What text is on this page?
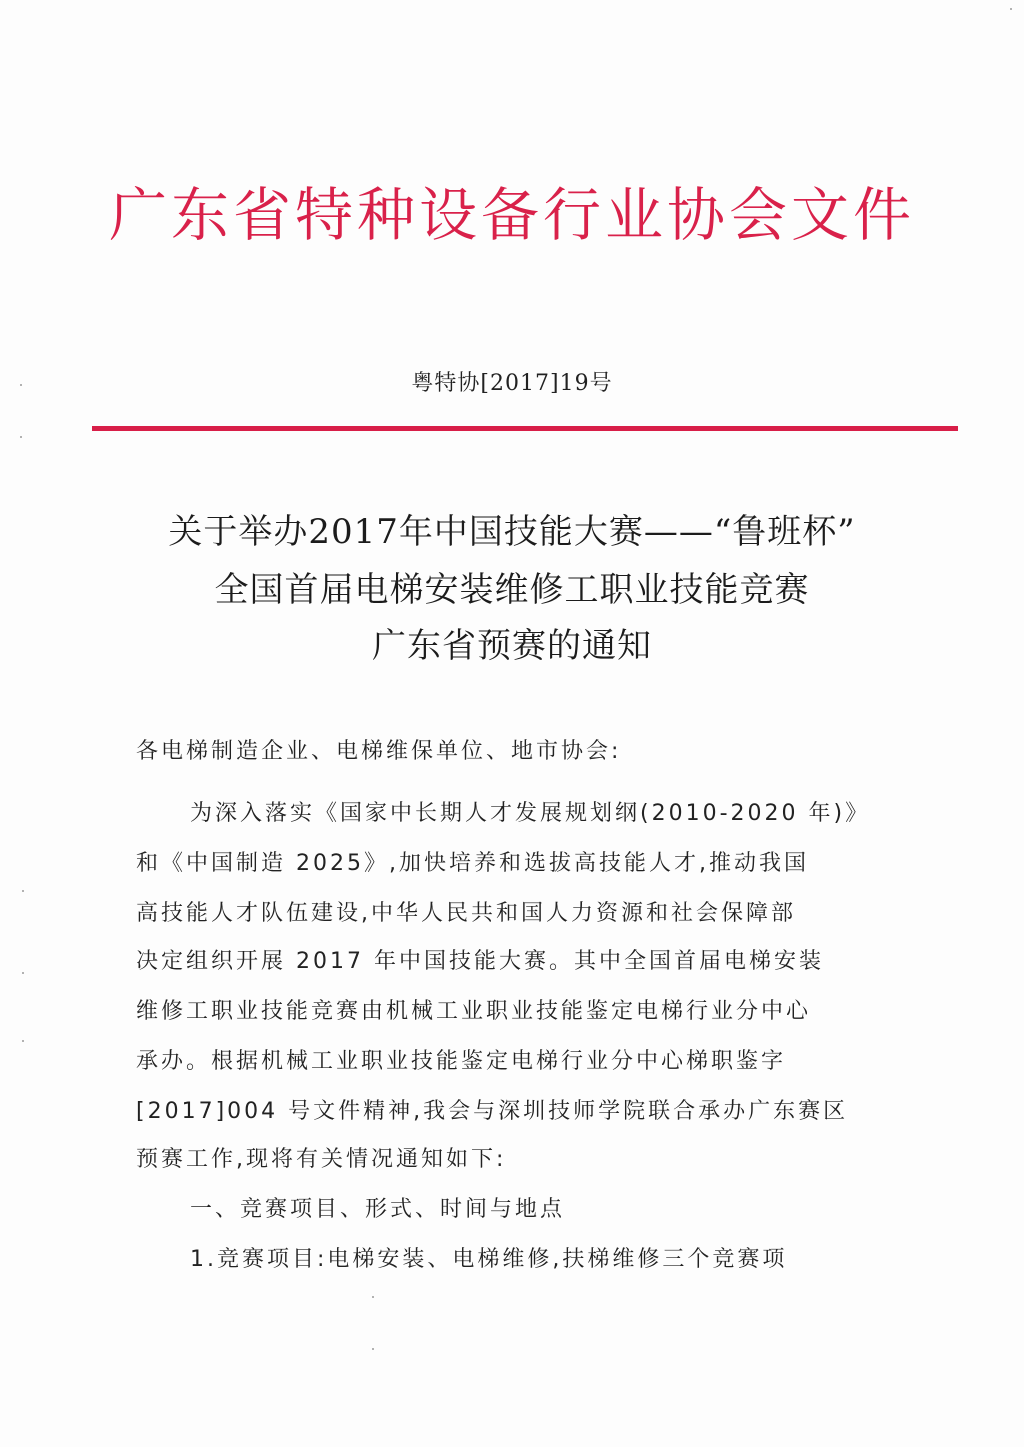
广东省特种设备行业协会文件
粤特协[2017]19号
关于举办2017年中国技能大赛——“鲁班杯”
全国首届电梯安装维修工职业技能竞赛
广东省预赛的通知
各电梯制造企业、电梯维保单位、地市协会:
为深入落实《国家中长期人才发展规划纲(2010-2020 年)》
和《中国制造 2025》,加快培养和选拔高技能人才,推动我国
高技能人才队伍建设,中华人民共和国人力资源和社会保障部
决定组织开展 2017 年中国技能大赛。其中全国首届电梯安装
维修工职业技能竞赛由机械工业职业技能鉴定电梯行业分中心
承办。根据机械工业职业技能鉴定电梯行业分中心梯职鉴字
[2017]004 号文件精神,我会与深圳技师学院联合承办广东赛区
预赛工作,现将有关情况通知如下:
一、竞赛项目、形式、时间与地点
1.竞赛项目:电梯安装、电梯维修,扶梯维修三个竞赛项
